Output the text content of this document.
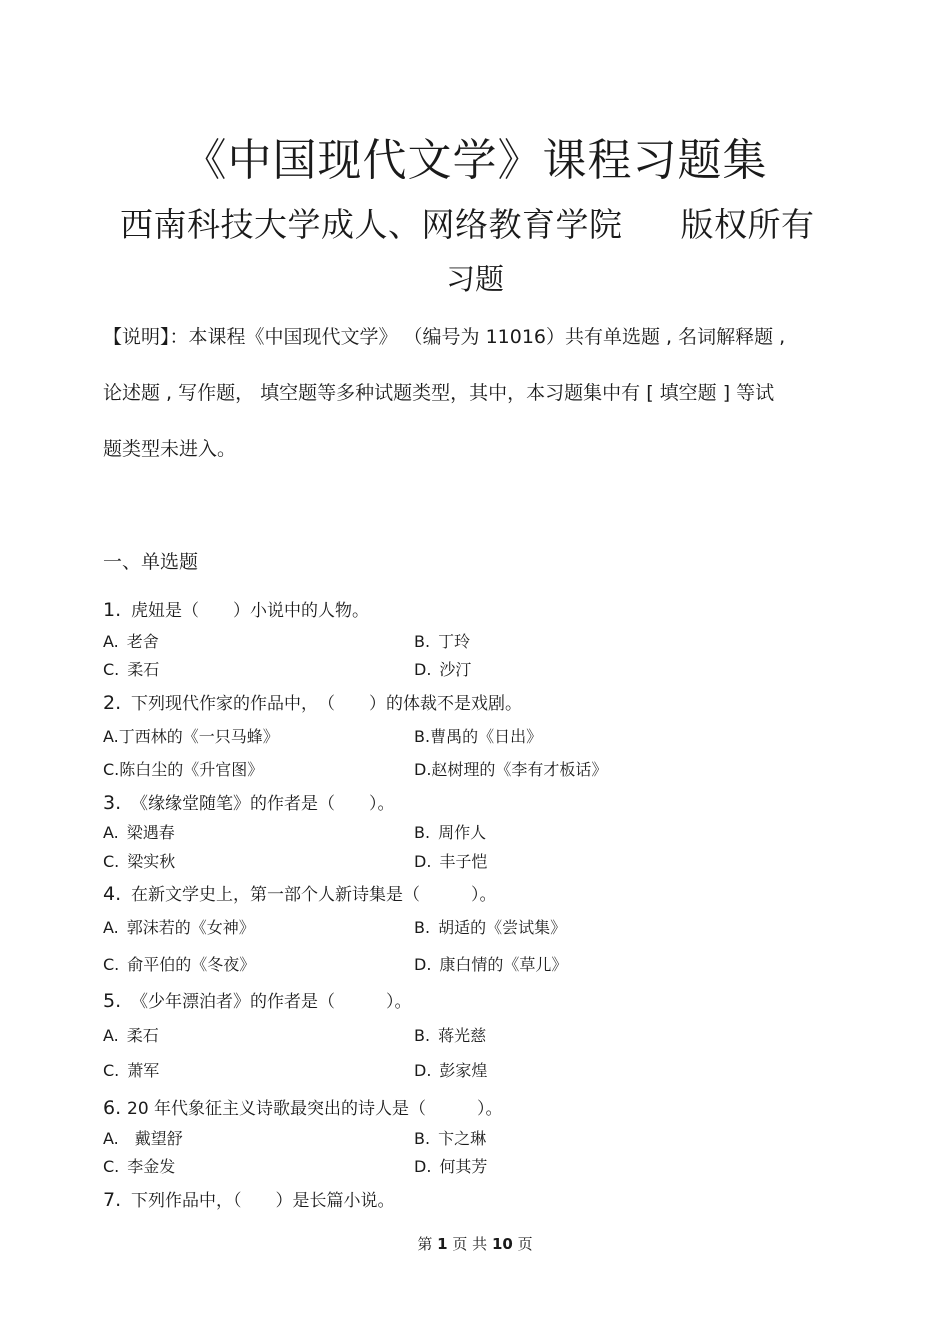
《中国现代文学》课程习题集
西南科技大学成人、网络教育学院 版权所有
习题
【说明】：本课程《中国现代文学》 （编号为 11016）共有单选题 , 名词解释题 ,
论述题 , 写作题， 填空题等多种试题类型，其中，本习题集中有 [ 填空题 ] 等试
题类型未进入。
一、单选题
1. 虎妞是（　　）小说中的人物。
A.  老舍	B.  丁玲
C.  柔石	D.  沙汀
2. 下列现代作家的作品中，　（　　）的体裁不是戏剧。
A.丁西林的《一只马蜂》	B.曹禺的《日出》
C.陈白尘的《升官图》	D.赵树理的《李有才板话》
3. 《缘缘堂随笔》的作者是（　　）。
A.  梁遇春	B.  周作人
C.  梁实秋	D.  丰子恺
4. 在新文学史上，第一部个人新诗集是（　　　）。
A.  郭沫若的《女神》	B.  胡适的《尝试集》
C.  俞平伯的《冬夜》	D.  康白情的《草儿》
5. 《少年漂泊者》的作者是（　　　）。
A.  柔石	B.  蒋光慈
C.  萧军	D.  彭家煌
6. 20 年代象征主义诗歌最突出的诗人是（　　　）。
A.  戴望舒	B.  卞之琳
C.  李金发	D.  何其芳
7. 下列作品中，（　　）是长篇小说。
第 1 页 共 10 页
